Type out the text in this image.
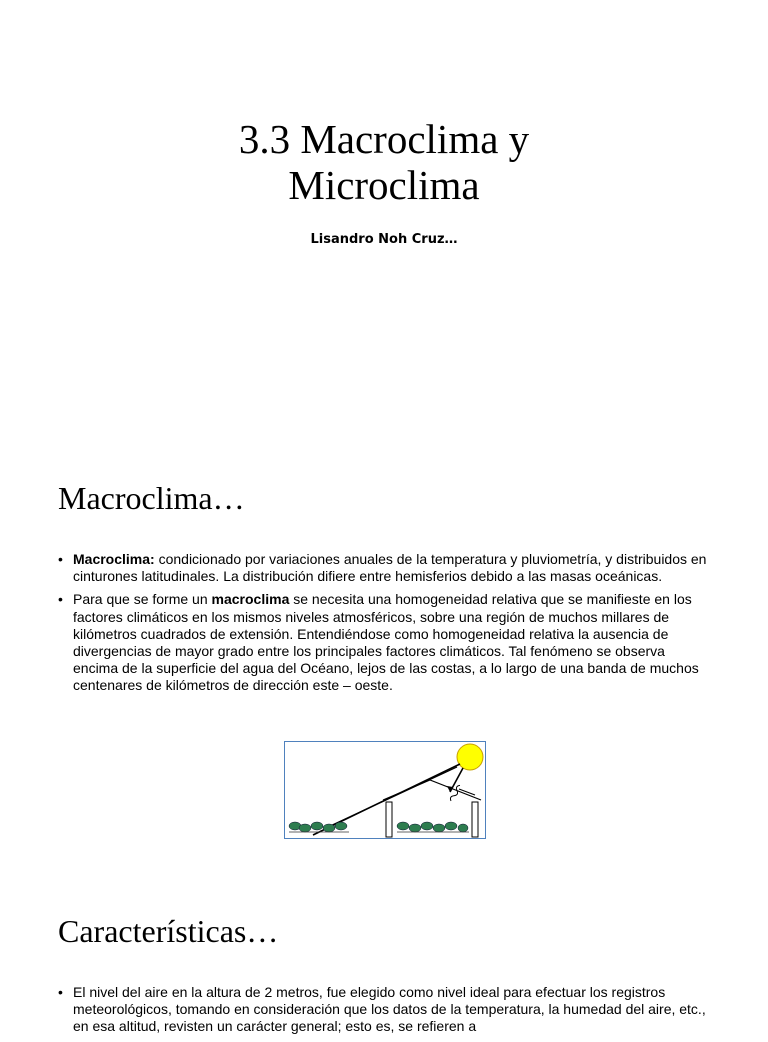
3.3 Macroclima y
Microclima
Lisandro Noh Cruz…
Macroclima…
• Macroclima: condicionado por variaciones anuales de la temperatura y pluviometría, y distribuidos en cinturones latitudinales. La distribución difiere entre hemisferios debido a las masas oceánicas.
• Para que se forme un macroclima se necesita una homogeneidad relativa que se manifieste en los factores climáticos en los mismos niveles atmosféricos, sobre una región de muchos millares de kilómetros cuadrados de extensión. Entendiéndose como homogeneidad relativa la ausencia de divergencias de mayor grado entre los principales factores climáticos. Tal fenómeno se observa encima de la superficie del agua del Océano, lejos de las costas, a lo largo de una banda de muchos centenares de kilómetros de dirección este – oeste.
Características…
• El nivel del aire en la altura de 2 metros, fue elegido como nivel ideal para efectuar los registros meteorológicos, tomando en consideración que los datos de la temperatura, la humedad del aire, etc., en esa altitud, revisten un carácter general; esto es, se refieren a
